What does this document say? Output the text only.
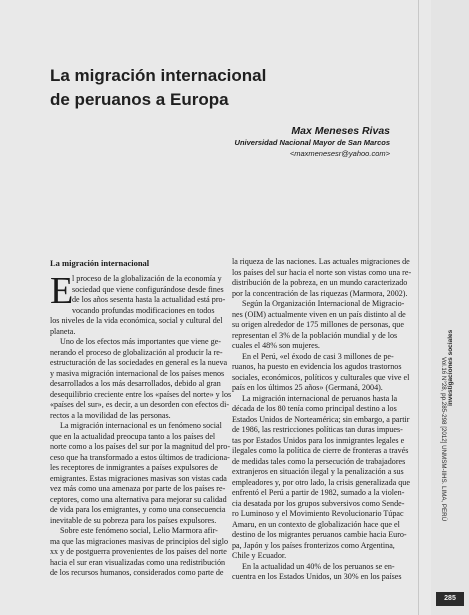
La migración internacional
de peruanos a Europa
Max Meneses Rivas
Universidad Nacional Mayor de San Marcos
<maxmenesesr@yahoo.com>
La migración internacional
E

l proceso de la globalización de la economía y

sociedad que viene configurándose desde fines

de los años sesenta hasta la actualidad está pro-

vocando profundas modificaciones en todos

los niveles de la vida económica, social y cultural del

planeta.

Uno de los efectos más importantes que viene ge-

nerando el proceso de globalización al producir la re-

estructuración de las sociedades en general es la nueva

y masiva migración internacional de los países menos

desarrollados a los más desarrollados, debido al gran

desequilibrio creciente entre los «países del norte» y los

«países del sur», es decir, a un desorden con efectos di-

rectos a la movilidad de las personas.

La migración internacional es un fenómeno social

que en la actualidad preocupa tanto a los países del

norte como a los países del sur por la magnitud del pro-

ceso que ha transformado a estos últimos de tradiciona-

les receptores de inmigrantes a países expulsores de

emigrantes. Estas migraciones masivas son vistas cada

vez más como una amenaza por parte de los países re-

ceptores, como una alternativa para mejorar su calidad

de vida para los emigrantes, y como una consecuencia

inevitable de su pobreza para los países expulsores.

Sobre este fenómeno social, Lelio Marmora afir-

ma que las migraciones masivas de principios del siglo

xx y de postguerra provenientes de los países del norte

hacia el sur eran visualizadas como una redistribución

de los recursos humanos, considerados como parte de

la riqueza de las naciones. Las actuales migraciones de

los países del sur hacia el norte son vistas como una re-

distribución de la pobreza, en un mundo caracterizado

por la concentración de las riquezas (Marmora, 2002).

Según la Organización Internacional de Migracio-

nes (OIM) actualmente viven en un país distinto al de

su origen alrededor de 175 millones de personas, que

representan el 3% de la población mundial y de los

cuales el 48% son mujeres.

En el Perú, «el éxodo de casi 3 millones de pe-

ruanos, ha puesto en evidencia los agudos trastornos

sociales, económicos, políticos y culturales que vive el

país en los últimos 25 años» (Germaná, 2004).

La migración internacional de peruanos hasta la

década de los 80 tenía como principal destino a los

Estados Unidos de Norteamérica; sin embargo, a partir

de 1986, las restricciones políticas tan duras impues-

tas por Estados Unidos para los inmigrantes legales e

ilegales como la política de cierre de fronteras a través

de medidas tales como la persecución de trabajadores

extranjeros en situación ilegal y la penalización a sus

empleadores y, por otro lado, la crisis generalizada que

enfrentó el Perú a partir de 1982, sumado a la violen-

cia desatada por los grupos subversivos como Sende-

ro Luminoso y el Movimiento Revolucionario Túpac

Amaru, en un contexto de globalización hace que el

destino de los migrantes peruanos cambie hacia Euro-

pa, Japón y los países fronterizos como Argentina,

Chile y Ecuador.

En la actualidad un 40% de los peruanos se en-

cuentra en los Estados Unidos, un 30% en los países

investigaciones sociales
Vol.16 N°28, pp.285-298 [2012] UNMSM-IIHS. LIMA, PERÚ
285
